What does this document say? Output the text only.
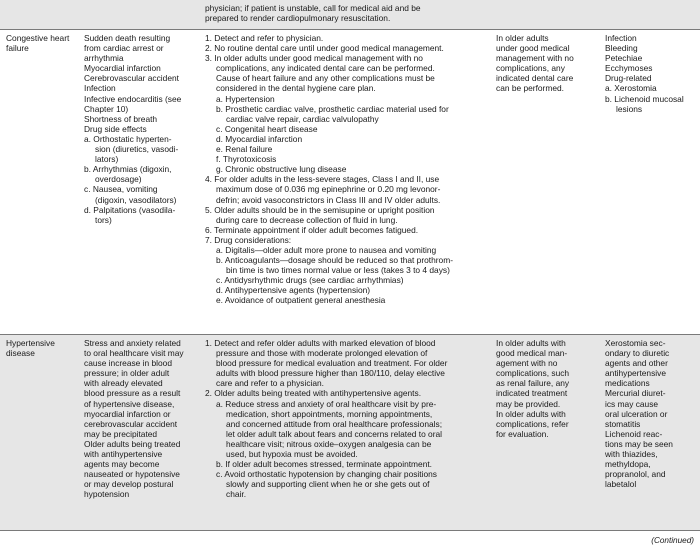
physician; if patient is unstable, call for medical aid and be
prepared to render cardiopulmonary resuscitation.
Congestive heart failure
Sudden death resulting
from cardiac arrest or
arrhythmia
Myocardial infarction
Cerebrovascular accident
Infection
Infective endocarditis (see
Chapter 10)
Shortness of breath
Drug side effects
a. Orthostatic hyperten-
sion (diuretics, vasodi-
lators)
b. Arrhythmias (digoxin,
overdosage)
c. Nausea, vomiting
(digoxin, vasodilators)
d. Palpitations (vasodila-
tors)
1. Detect and refer to physician.
2. No routine dental care until under good medical management.
3. In older adults under good medical management with no
complications, any indicated dental care can be performed.
Cause of heart failure and any other complications must be
considered in the dental hygiene care plan.
a. Hypertension
b. Prosthetic cardiac valve, prosthetic cardiac material used for
cardiac valve repair, cardiac valvulopathy
c. Congenital heart disease
d. Myocardial infarction
e. Renal failure
f. Thyrotoxicosis
g. Chronic obstructive lung disease
4. For older adults in the less-severe stages, Class I and II, use
maximum dose of 0.036 mg epinephrine or 0.20 mg levonor-
defrin; avoid vasoconstrictors in Class III and IV older adults.
5. Older adults should be in the semisupine or upright position
during care to decrease collection of fluid in lung.
6. Terminate appointment if older adult becomes fatigued.
7. Drug considerations:
a. Digitalis—older adult more prone to nausea and vomiting
b. Anticoagulants—dosage should be reduced so that prothrom-
bin time is two times normal value or less (takes 3 to 4 days)
c. Antidysrhythmic drugs (see cardiac arrhythmias)
d. Antihypertensive agents (hypertension)
e. Avoidance of outpatient general anesthesia
In older adults
under good medical
management with no
complications, any
indicated dental care
can be performed.
Infection
Bleeding
Petechiae
Ecchymoses
Drug-related
a. Xerostomia
b. Lichenoid mucosal
lesions
Hypertensive disease
Stress and anxiety related
to oral healthcare visit may
cause increase in blood
pressure; in older adult
with already elevated
blood pressure as a result
of hypertensive disease,
myocardial infarction or
cerebrovascular accident
may be precipitated
Older adults being treated
with antihypertensive
agents may become
nauseated or hypotensive
or may develop postural
hypotension
1. Detect and refer older adults with marked elevation of blood
pressure and those with moderate prolonged elevation of
blood pressure for medical evaluation and treatment. For older
adults with blood pressure higher than 180/110, delay elective
care and refer to a physician.
2. Older adults being treated with antihypertensive agents.
a. Reduce stress and anxiety of oral healthcare visit by pre-
medication, short appointments, morning appointments,
and concerned attitude from oral healthcare professionals;
let older adult talk about fears and concerns related to oral
healthcare visit; nitrous oxide–oxygen analgesia can be
used, but hypoxia must be avoided.
b. If older adult becomes stressed, terminate appointment.
c. Avoid orthostatic hypotension by changing chair positions
slowly and supporting client when he or she gets out of
chair.
In older adults with
good medical man-
agement with no
complications, such
as renal failure, any
indicated treatment
may be provided.
In older adults with
complications, refer
for evaluation.
Xerostomia sec-
ondary to diuretic
agents and other
antihypertensive
medications
Mercurial diuret-
ics may cause
oral ulceration or
stomatitis
Lichenoid reac-
tions may be seen
with thiazides,
methyldopa,
propranolol, and
labetalol
(Continued)
